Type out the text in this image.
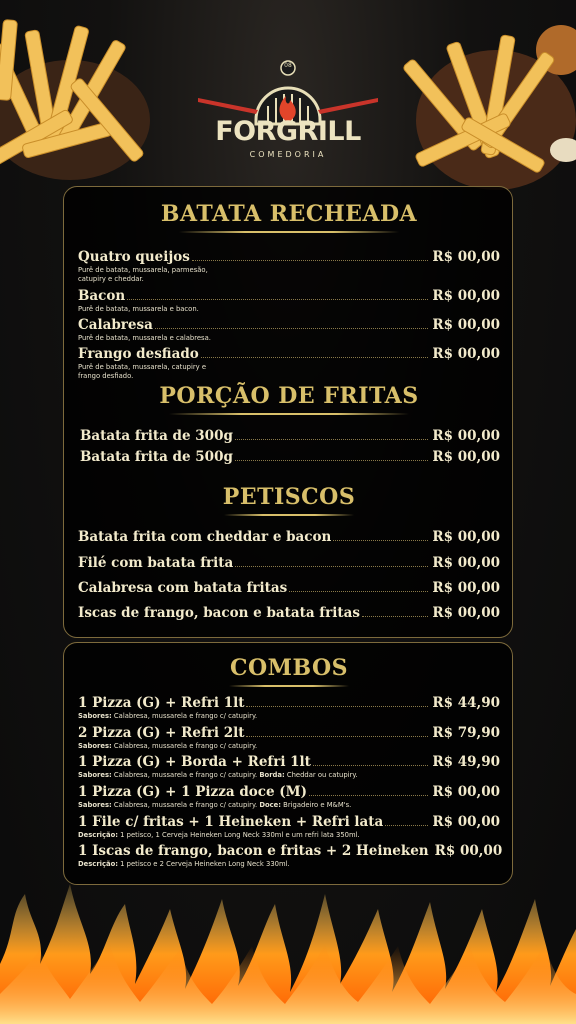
08
FORGRILL
COMEDORIA
BATATA RECHEADA
Quatro queijos	R$ 00,00
Purê de batata, mussarela, parmesão, catupiry e cheddar.
Bacon	R$ 00,00
Purê de batata, mussarela e bacon.
Calabresa	R$ 00,00
Purê de batata, mussarela e calabresa.
Frango desfiado	R$ 00,00
Purê de batata, mussarela, catupiry e frango desfiado.
PORÇÃO DE FRITAS
Batata frita de 300g	R$ 00,00
Batata frita de 500g	R$ 00,00
PETISCOS
Batata frita com cheddar e bacon	R$ 00,00
Filé com batata frita	R$ 00,00
Calabresa com batata fritas	R$ 00,00
Iscas de frango, bacon e batata fritas	R$ 00,00
COMBOS
1 Pizza (G) + Refri 1lt	R$ 44,90
Sabores: Calabresa, mussarela e frango c/ catupiry.
2 Pizza (G) + Refri 2lt	R$ 79,90
Sabores: Calabresa, mussarela e frango c/ catupiry.
1 Pizza (G) + Borda + Refri 1lt	R$ 49,90
Sabores: Calabresa, mussarela e frango c/ catupiry. Borda: Cheddar ou catupiry.
1 Pizza (G) + 1 Pizza doce (M)	R$ 00,00
Sabores: Calabresa, mussarela e frango c/ catupiry. Doce: Brigadeiro e M&M's.
1 File c/ fritas + 1 Heineken + Refri lata	R$ 00,00
Descrição: 1 petisco, 1 Cerveja Heineken Long Neck 330ml e um refri lata 350ml.
1 Iscas de frango, bacon e fritas + 2 Heineken R$ 00,00
Descrição: 1 petisco e 2 Cerveja Heineken Long Neck 330ml.
